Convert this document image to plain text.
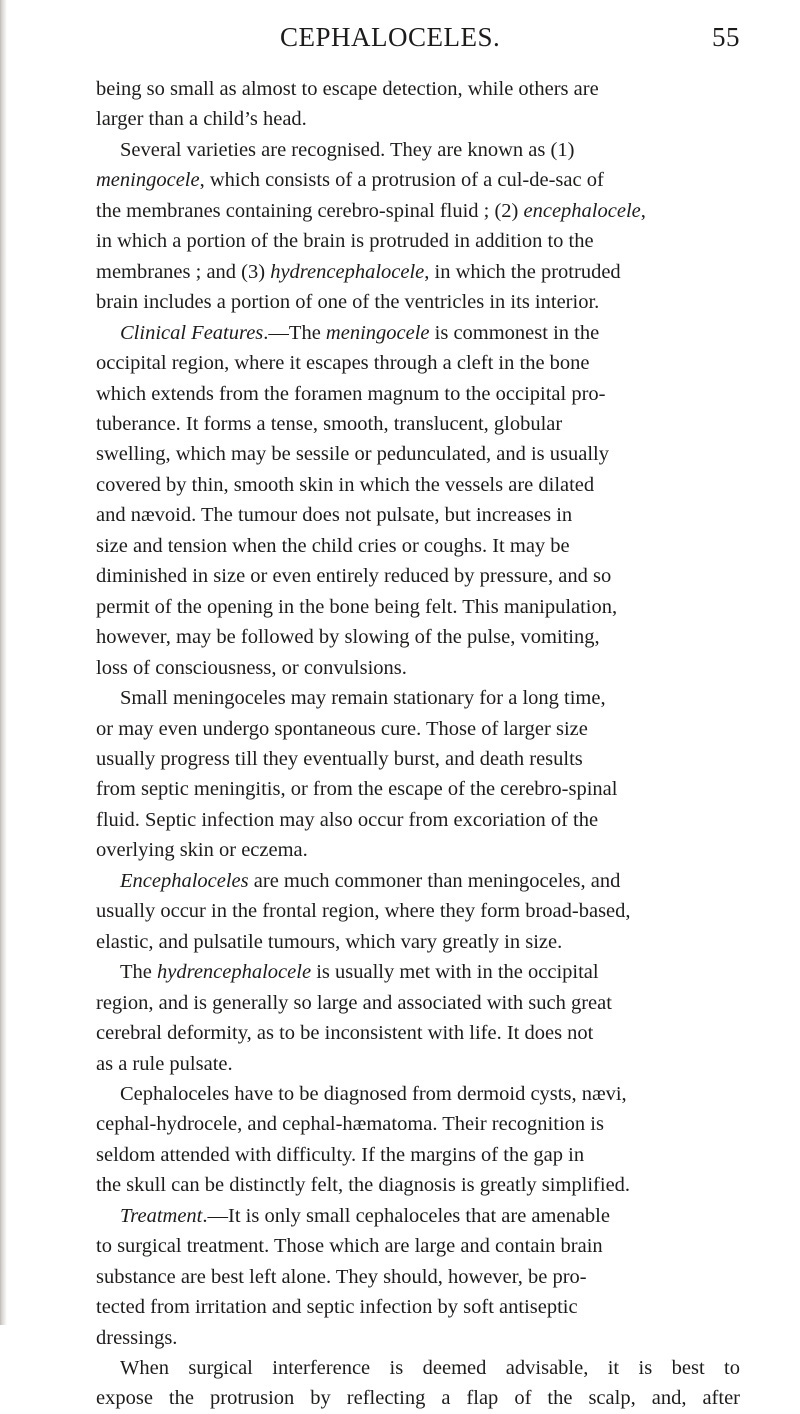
CEPHALOCELES.	55

being so small as almost to escape detection, while others are
larger than a child’s head.

Several varieties are recognised. They are known as (1)
meningocele, which consists of a protrusion of a cul-de-sac of
the membranes containing cerebro-spinal fluid ; (2) encephalocele,
in which a portion of the brain is protruded in addition to the
membranes ; and (3) hydrencephalocele, in which the protruded
brain includes a portion of one of the ventricles in its interior.

Clinical Features.—The meningocele is commonest in the
occipital region, where it escapes through a cleft in the bone
which extends from the foramen magnum to the occipital pro-
tuberance. It forms a tense, smooth, translucent, globular
swelling, which may be sessile or pedunculated, and is usually
covered by thin, smooth skin in which the vessels are dilated
and nævoid. The tumour does not pulsate, but increases in
size and tension when the child cries or coughs. It may be
diminished in size or even entirely reduced by pressure, and so
permit of the opening in the bone being felt. This manipulation,
however, may be followed by slowing of the pulse, vomiting,
loss of consciousness, or convulsions.

Small meningoceles may remain stationary for a long time,
or may even undergo spontaneous cure. Those of larger size
usually progress till they eventually burst, and death results
from septic meningitis, or from the escape of the cerebro-spinal
fluid. Septic infection may also occur from excoriation of the
overlying skin or eczema.

Encephaloceles are much commoner than meningoceles, and
usually occur in the frontal region, where they form broad-based,
elastic, and pulsatile tumours, which vary greatly in size.

The hydrencephalocele is usually met with in the occipital
region, and is generally so large and associated with such great
cerebral deformity, as to be inconsistent with life. It does not
as a rule pulsate.

Cephaloceles have to be diagnosed from dermoid cysts, nævi,
cephal-hydrocele, and cephal-hæmatoma. Their recognition is
seldom attended with difficulty. If the margins of the gap in
the skull can be distinctly felt, the diagnosis is greatly simplified.

Treatment.—It is only small cephaloceles that are amenable
to surgical treatment. Those which are large and contain brain
substance are best left alone. They should, however, be pro-
tected from irritation and septic infection by soft antiseptic
dressings.

When surgical interference is deemed advisable, it is best to
expose the protrusion by reflecting a flap of the scalp, and, after
